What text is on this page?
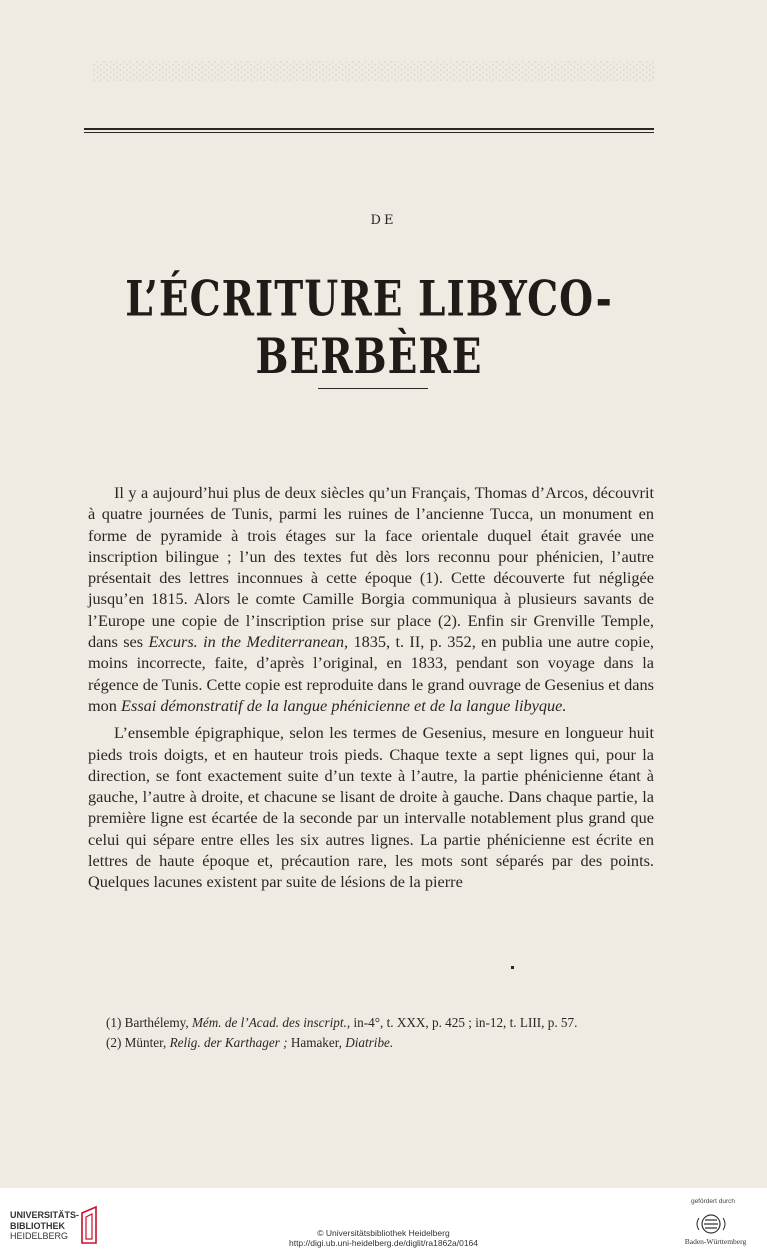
░░░░░░░░░░░░░░░░░░░░░░░░░░░░░░░░░░░░░░░░░░░
DE
L’ÉCRITURE LIBYCO-BERBÈRE

Il y a aujourd’hui plus de deux siècles qu’un Français, Thomas d’Arcos, découvrit à quatre journées de Tunis, parmi les ruines de l’ancienne Tucca, un monument en forme de pyramide à trois étages sur la face orientale duquel était gravée une inscription bilingue ; l’un des textes fut dès lors reconnu pour phénicien, l’autre présentait des lettres inconnues à cette époque (1). Cette découverte fut négligée jusqu’en 1815. Alors le comte Camille Borgia communiqua à plusieurs savants de l’Europe une copie de l’inscription prise sur place (2). Enfin sir Grenville Temple, dans ses Excurs. in the Mediterranean, 1835, t. II, p. 352, en publia une autre copie, moins incorrecte, faite, d’après l’original, en 1833, pendant son voyage dans la régence de Tunis. Cette copie est reproduite dans le grand ouvrage de Gesenius et dans mon Essai démonstratif de la langue phénicienne et de la langue libyque.

L’ensemble épigraphique, selon les termes de Gesenius, mesure en longueur huit pieds trois doigts, et en hauteur trois pieds. Chaque texte a sept lignes qui, pour la direction, se font exactement suite d’un texte à l’autre, la partie phénicienne étant à gauche, l’autre à droite, et chacune se lisant de droite à gauche. Dans chaque partie, la première ligne est écartée de la seconde par un intervalle notablement plus grand que celui qui sépare entre elles les six autres lignes. La partie phénicienne est écrite en lettres de haute époque et, précaution rare, les mots sont séparés par des points. Quelques lacunes existent par suite de lésions de la pierre

(1) Barthélemy, Mém. de l’Acad. des inscript., in-4°, t. XXX, p. 425 ; in-12, t. LIII, p. 57.

(2) Münter, Relig. der Karthager ; Hamaker, Diatribe.

UNIVERSITÄTS-
BIBLIOTHEK
HEIDELBERG	© Universitätsbibliothek Heidelberg
http://digi.ub.uni-heidelberg.de/diglit/ra1862a/0164
gefördert durch
Baden-Württemberg
